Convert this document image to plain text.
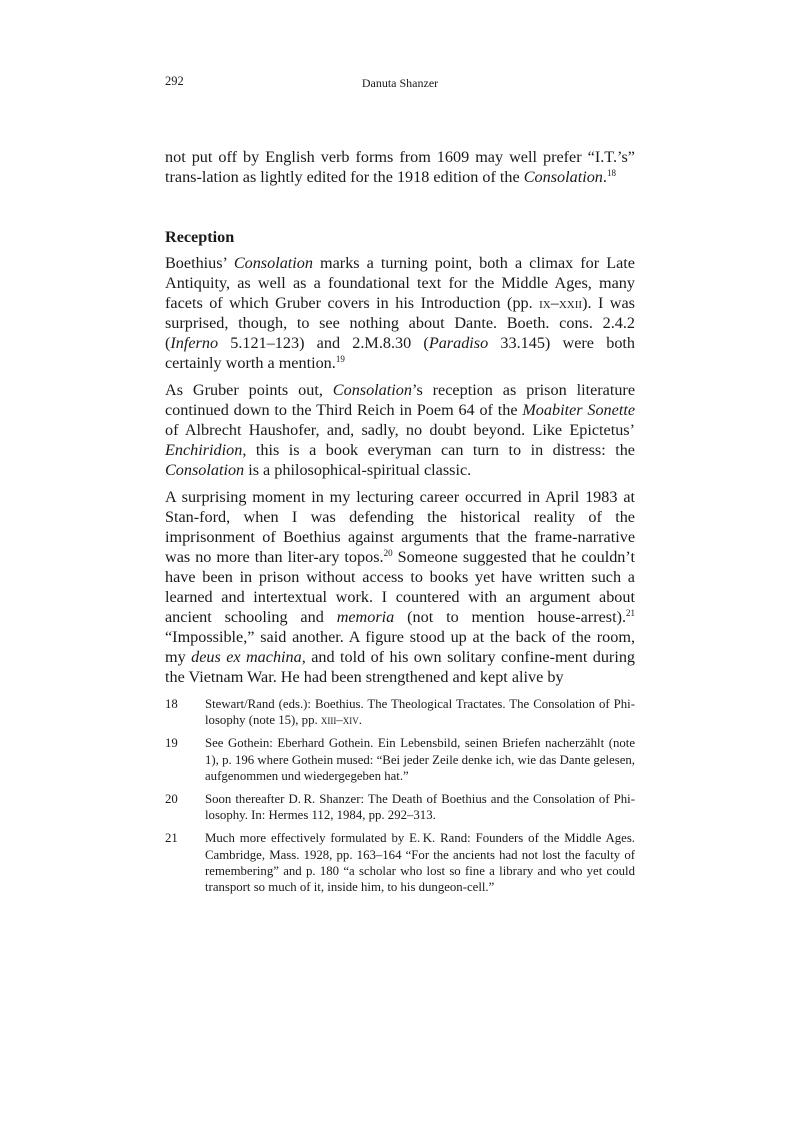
292	Danuta Shanzer

not put off by English verb forms from 1609 may well prefer “I.T.’s” trans-lation as lightly edited for the 1918 edition of the Consolation.$^{18}$

Reception

Boethius’ Consolation marks a turning point, both a climax for Late Antiquity, as well as a foundational text for the Middle Ages, many facets of which Gruber covers in his Introduction (pp. ix–xxii). I was surprised, though, to see nothing about Dante. Boeth. cons. 2.4.2 (Inferno 5.121–123) and 2.M.8.30 (Paradiso 33.145) were both certainly worth a mention.$^{19}$

As Gruber points out, Consolation’s reception as prison literature continued down to the Third Reich in Poem 64 of the Moabiter Sonette of Albrecht Haushofer, and, sadly, no doubt beyond. Like Epictetus’ Enchiridion, this is a book everyman can turn to in distress: the Consolation is a philosophical-spiritual classic.

A surprising moment in my lecturing career occurred in April 1983 at Stan-ford, when I was defending the historical reality of the imprisonment of Boethius against arguments that the frame-narrative was no more than liter-ary topos.$^{20}$ Someone suggested that he couldn’t have been in prison without access to books yet have written such a learned and intertextual work. I countered with an argument about ancient schooling and memoria (not to mention house-arrest).$^{21}$ “Impossible,” said another. A figure stood up at the back of the room, my deus ex machina, and told of his own solitary confine-ment during the Vietnam War. He had been strengthened and kept alive by

18	Stewart/Rand (eds.): Boethius. The Theological Tractates. The Consolation of Phi-losophy (note 15), pp. xiii–xiv.
19	See Gothein: Eberhard Gothein. Ein Lebensbild, seinen Briefen nacherzählt (note 1), p. 196 where Gothein mused: “Bei jeder Zeile denke ich, wie das Dante gelesen, aufgenommen und wiedergegeben hat.”
20	Soon thereafter D. R. Shanzer: The Death of Boethius and the Consolation of Phi-losophy. In: Hermes 112, 1984, pp. 292–313.
21	Much more effectively formulated by E. K. Rand: Founders of the Middle Ages. Cambridge, Mass. 1928, pp. 163–164 “For the ancients had not lost the faculty of remembering” and p. 180 “a scholar who lost so fine a library and who yet could transport so much of it, inside him, to his dungeon-cell.”
